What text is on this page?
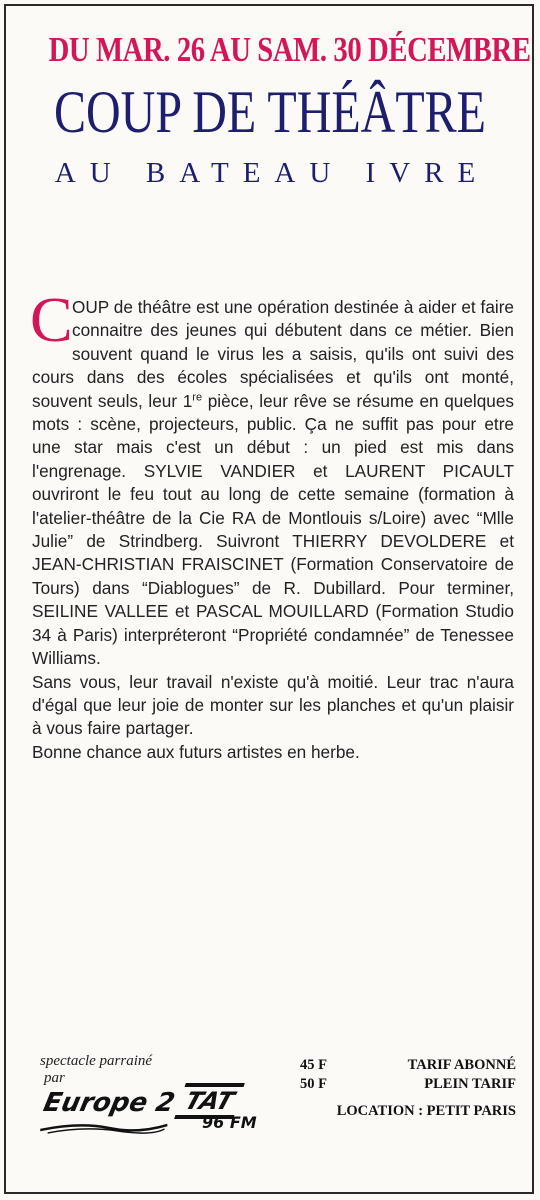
DU MAR. 26 AU SAM. 30 DÉCEMBRE
COUP DE THÉÂTRE
AU BATEAU IVRE

C OUP de théâtre est une opération destinée à aider et faire connaitre des jeunes qui débutent dans ce métier. Bien souvent quand le virus les a saisis, qu'ils ont suivi des cours dans des écoles spécialisées et qu'ils ont monté, souvent seuls, leur 1re pièce, leur rêve se résume en quelques mots : scène, projecteurs, public. Ça ne suffit pas pour etre une star mais c'est un début : un pied est mis dans l'engrenage. SYLVIE VANDIER et LAURENT PICAULT ouvriront le feu tout au long de cette semaine (formation à l'atelier-théâtre de la Cie RA de Montlouis s/Loire) avec “Mlle Julie” de Strindberg. Suivront THIERRY DEVOLDERE et JEAN-CHRISTIAN FRAISCINET (Formation Conservatoire de Tours) dans “Diablogues” de R. Dubillard. Pour terminer, SEILINE VALLEE et PASCAL MOUILLARD (Formation Studio 34 à Paris) interpréteront “Propriété condamnée” de Tenessee Williams.

Sans vous, leur travail n'existe qu'à moitié. Leur trac n'aura d'égal que leur joie de monter sur les planches et qu'un plaisir à vous faire partager.

Bonne chance aux futurs artistes en herbe.

spectacle parrainé
par
Europe 2 TAT
96 FM
45 F	TARIF ABONNÉ
50 F	PLEIN TARIF
LOCATION : PETIT PARIS
